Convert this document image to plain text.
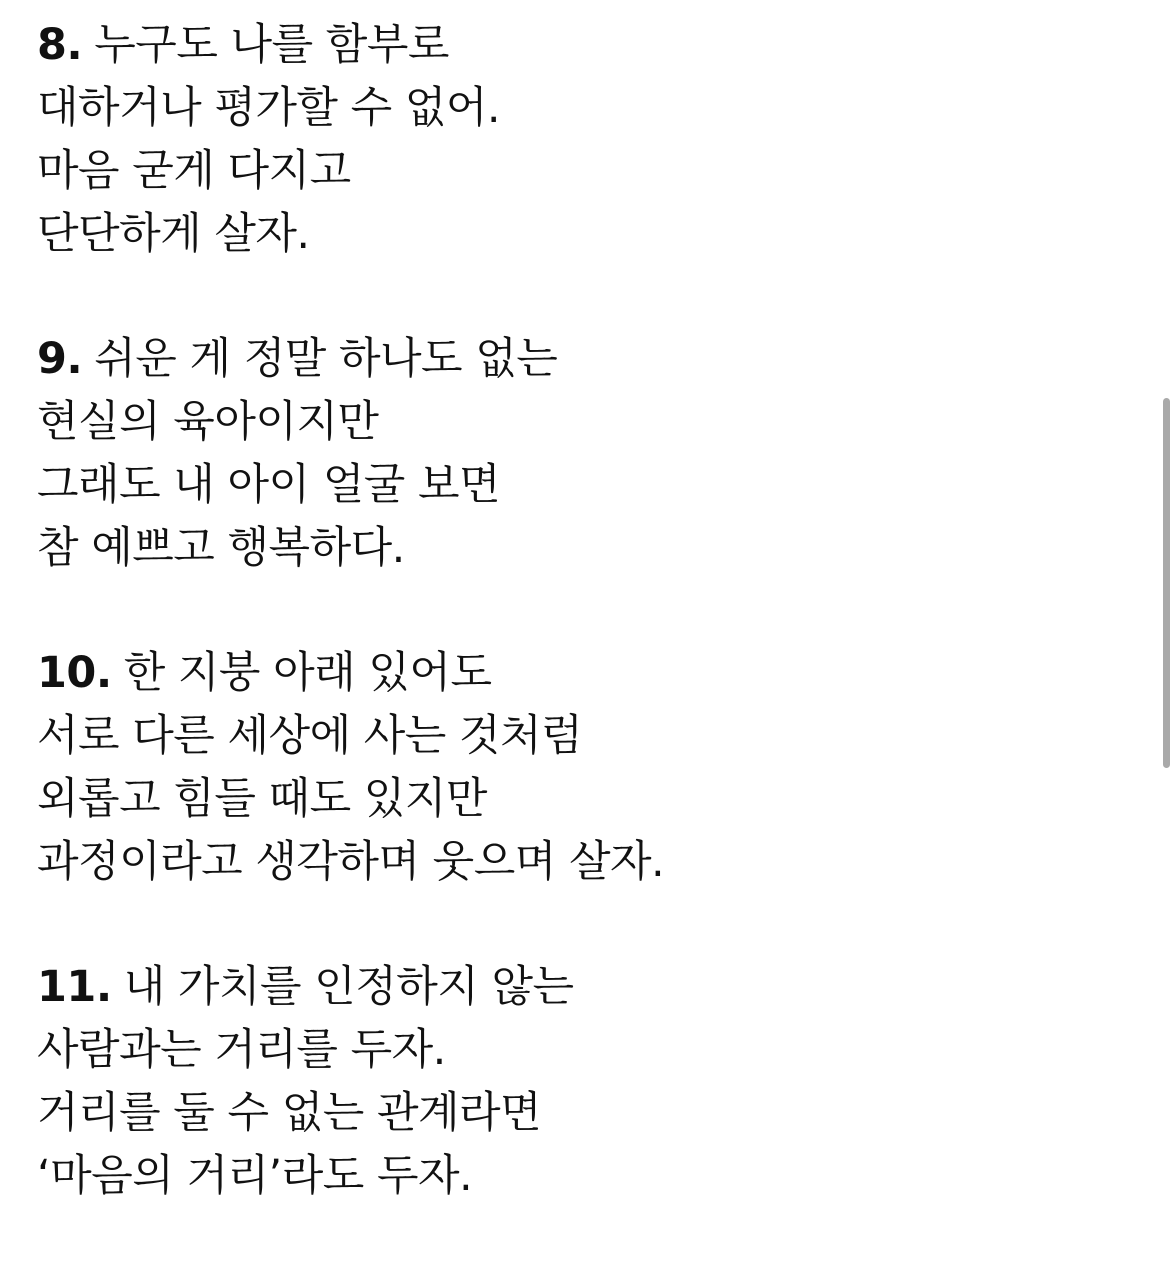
8. 누구도 나를 함부로
대하거나 평가할 수 없어.
마음 굳게 다지고
단단하게 살자.
9. 쉬운 게 정말 하나도 없는
현실의 육아이지만
그래도 내 아이 얼굴 보면
참 예쁘고 행복하다.
10. 한 지붕 아래 있어도
서로 다른 세상에 사는 것처럼
외롭고 힘들 때도 있지만
과정이라고 생각하며 웃으며 살자.
11. 내 가치를 인정하지 않는
사람과는 거리를 두자.
거리를 둘 수 없는 관계라면
‘마음의 거리’라도 두자.
